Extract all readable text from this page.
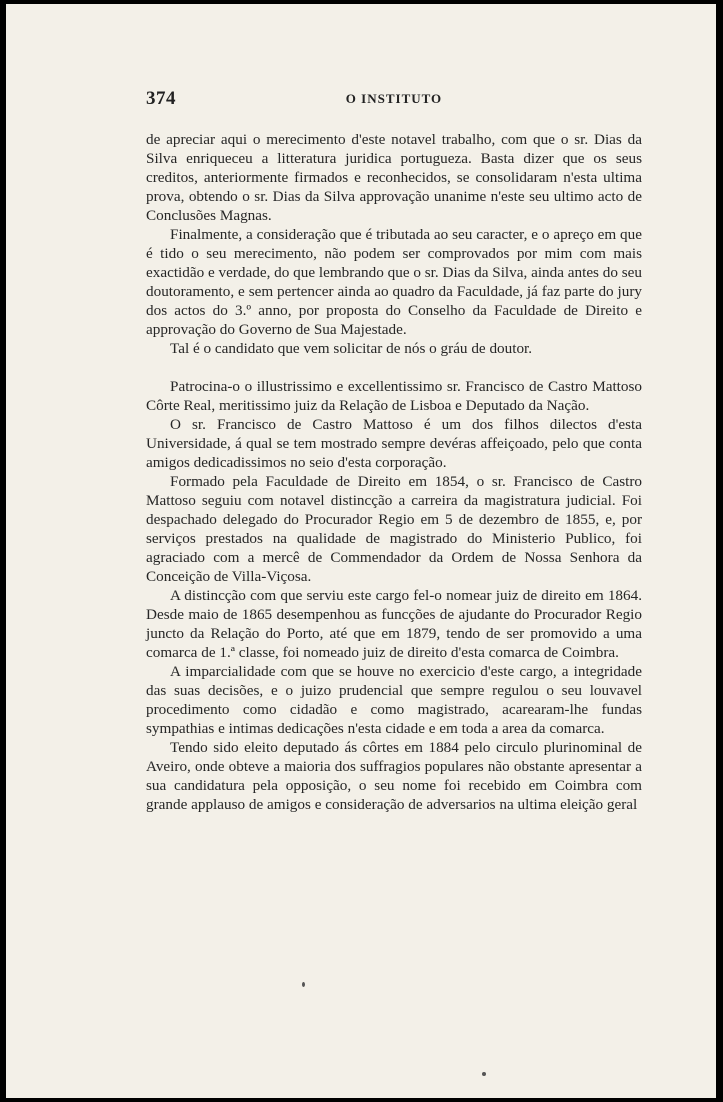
374	O INSTITUTO

de apreciar aqui o merecimento d'este notavel trabalho, com que o sr. Dias da Silva enriqueceu a litteratura juridica portugueza. Basta dizer que os seus creditos, anteriormente firmados e reconhecidos, se consolidaram n'esta ultima prova, obtendo o sr. Dias da Silva approvação unanime n'este seu ultimo acto de Conclusões Magnas.

Finalmente, a consideração que é tributada ao seu caracter, e o apreço em que é tido o seu merecimento, não podem ser comprovados por mim com mais exactidão e verdade, do que lembrando que o sr. Dias da Silva, ainda antes do seu doutoramento, e sem pertencer ainda ao quadro da Faculdade, já faz parte do jury dos actos do 3.º anno, por proposta do Conselho da Faculdade de Direito e approvação do Governo de Sua Majestade.

Tal é o candidato que vem solicitar de nós o gráu de doutor.

Patrocina-o o illustrissimo e excellentissimo sr. Francisco de Castro Mattoso Côrte Real, meritissimo juiz da Relação de Lisboa e Deputado da Nação.

O sr. Francisco de Castro Mattoso é um dos filhos dilectos d'esta Universidade, á qual se tem mostrado sempre devéras affeiçoado, pelo que conta amigos dedicadissimos no seio d'esta corporação.

Formado pela Faculdade de Direito em 1854, o sr. Francisco de Castro Mattoso seguiu com notavel distincção a carreira da magistratura judicial. Foi despachado delegado do Procurador Regio em 5 de dezembro de 1855, e, por serviços prestados na qualidade de magistrado do Ministerio Publico, foi agraciado com a mercê de Commendador da Ordem de Nossa Senhora da Conceição de Villa-Viçosa.

A distincção com que serviu este cargo fel-o nomear juiz de direito em 1864. Desde maio de 1865 desempenhou as funcções de ajudante do Procurador Regio juncto da Relação do Porto, até que em 1879, tendo de ser promovido a uma comarca de 1.ª classe, foi nomeado juiz de direito d'esta comarca de Coimbra.

A imparcialidade com que se houve no exercicio d'este cargo, a integridade das suas decisões, e o juizo prudencial que sempre regulou o seu louvavel procedimento como cidadão e como magistrado, acarearam-lhe fundas sympathias e intimas dedicações n'esta cidade e em toda a area da comarca.

Tendo sido eleito deputado ás côrtes em 1884 pelo circulo plurinominal de Aveiro, onde obteve a maioria dos suffragios populares não obstante apresentar a sua candidatura pela opposição, o seu nome foi recebido em Coimbra com grande applauso de amigos e consideração de adversarios na ultima eleição geral
